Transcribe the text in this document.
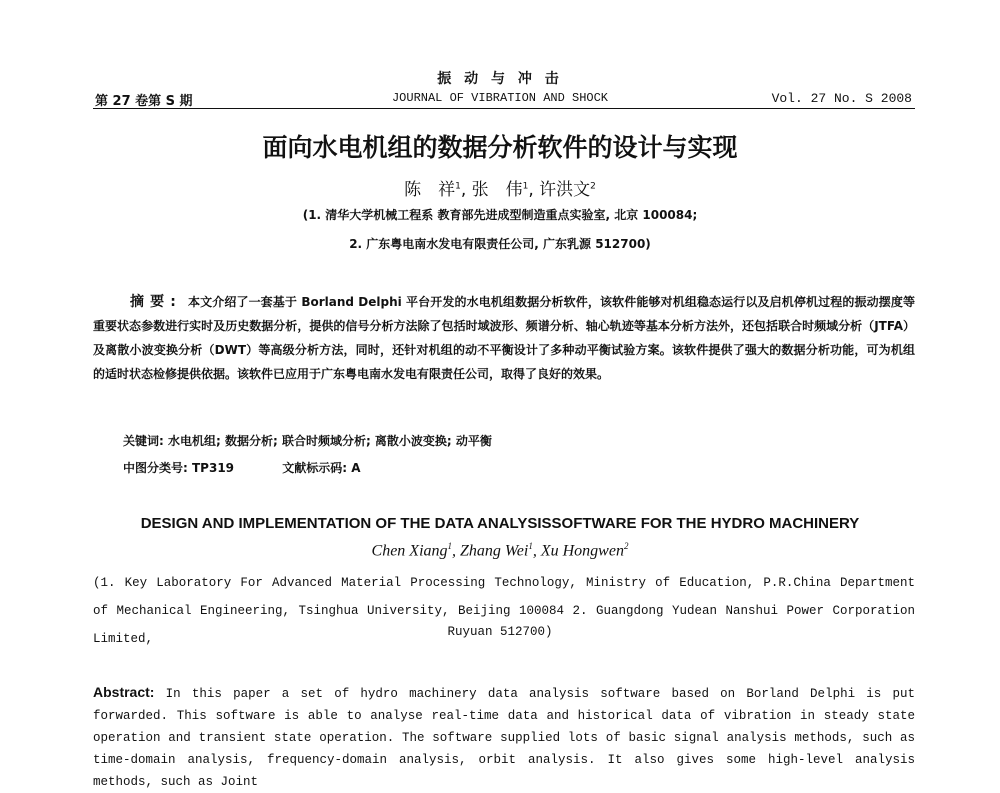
振 动 与 冲 击
第 27 卷第 S 期	JOURNAL OF VIBRATION AND SHOCK	Vol. 27 No. S 2008
面向水电机组的数据分析软件的设计与实现
陈　祥$^1$, 张　伟$^1$, 许洪文$^2$
(1. 清华大学机械工程系 教育部先进成型制造重点实验室, 北京 100084;
2. 广东粤电南水发电有限责任公司, 广东乳源 512700)
摘要: 本文介绍了一套基于 Borland Delphi 平台开发的水电机组数据分析软件，该软件能够对机组稳态运行以及启机停机过程的振动摆度等重要状态参数进行实时及历史数据分析，提供的信号分析方法除了包括时域波形、频谱分析、轴心轨迹等基本分析方法外，还包括联合时频域分析（JTFA）及离散小波变换分析（DWT）等高级分析方法，同时，还针对机组的动不平衡设计了多种动平衡试验方案。该软件提供了强大的数据分析功能，可为机组的适时状态检修提供依据。该软件已应用于广东粤电南水发电有限责任公司，取得了良好的效果。
关键词: 水电机组; 数据分析; 联合时频域分析; 离散小波变换; 动平衡
中图分类号: TP319	文献标示码: A
DESIGN AND IMPLEMENTATION OF THE DATA ANALYSISSOFTWARE FOR THE HYDRO MACHINERY
Chen Xiang$^1$, Zhang Wei$^1$, Xu Hongwen$^2$
(1. Key Laboratory For Advanced Material Processing Technology, Ministry of Education, P.R.China Department of Mechanical Engineering, Tsinghua University, Beijing 100084 2. Guangdong Yudean Nanshui Power Corporation Limited,	Ruyuan 512700)
Abstract: In this paper a set of hydro machinery data analysis software based on Borland Delphi is put forwarded. This software is able to analyse real-time data and historical data of vibration in steady state operation and transient state operation. The software supplied lots of basic signal analysis methods, such as time-domain analysis, frequency-domain analysis, orbit analysis. It also gives some high-level analysis methods, such as Joint
